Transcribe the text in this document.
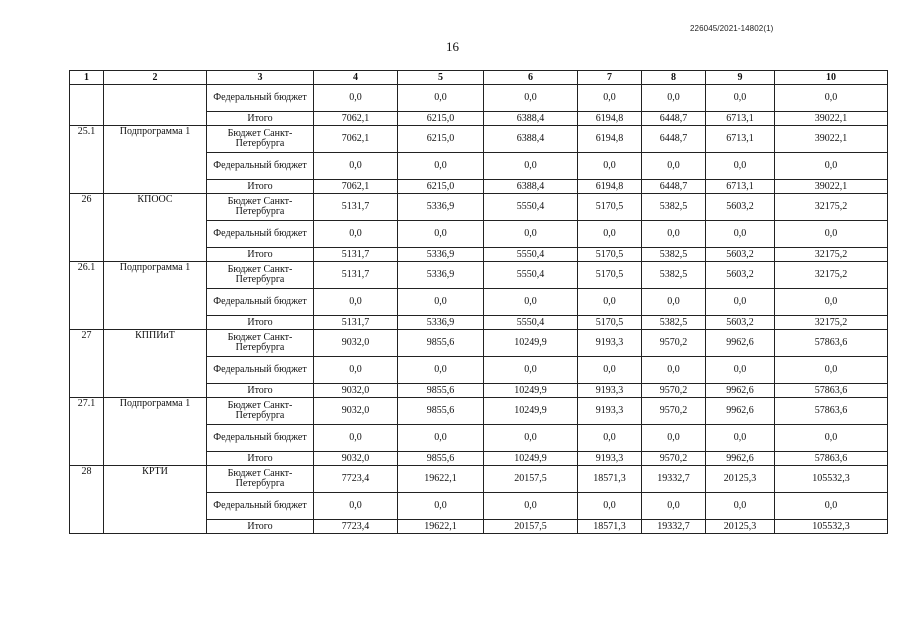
226045/2021-14802(1)
16
1	2	3	4	5	6	7	8	9	10
		Федеральный бюджет	0,0	0,0	0,0	0,0	0,0	0,0	0,0
		Итого	7062,1	6215,0	6388,4	6194,8	6448,7	6713,1	39022,1
25.1	Подпрограмма 1	Бюджет Санкт-Петербурга	7062,1	6215,0	6388,4	6194,8	6448,7	6713,1	39022,1
		Федеральный бюджет	0,0	0,0	0,0	0,0	0,0	0,0	0,0
		Итого	7062,1	6215,0	6388,4	6194,8	6448,7	6713,1	39022,1
26	КПООС	Бюджет Санкт-Петербурга	5131,7	5336,9	5550,4	5170,5	5382,5	5603,2	32175,2
		Федеральный бюджет	0,0	0,0	0,0	0,0	0,0	0,0	0,0
		Итого	5131,7	5336,9	5550,4	5170,5	5382,5	5603,2	32175,2
26.1	Подпрограмма 1	Бюджет Санкт-Петербурга	5131,7	5336,9	5550,4	5170,5	5382,5	5603,2	32175,2
		Федеральный бюджет	0,0	0,0	0,0	0,0	0,0	0,0	0,0
		Итого	5131,7	5336,9	5550,4	5170,5	5382,5	5603,2	32175,2
27	КППИиТ	Бюджет Санкт-Петербурга	9032,0	9855,6	10249,9	9193,3	9570,2	9962,6	57863,6
		Федеральный бюджет	0,0	0,0	0,0	0,0	0,0	0,0	0,0
		Итого	9032,0	9855,6	10249,9	9193,3	9570,2	9962,6	57863,6
27.1	Подпрограмма 1	Бюджет Санкт-Петербурга	9032,0	9855,6	10249,9	9193,3	9570,2	9962,6	57863,6
		Федеральный бюджет	0,0	0,0	0,0	0,0	0,0	0,0	0,0
		Итого	9032,0	9855,6	10249,9	9193,3	9570,2	9962,6	57863,6
28	КРТИ	Бюджет Санкт-Петербурга	7723,4	19622,1	20157,5	18571,3	19332,7	20125,3	105532,3
		Федеральный бюджет	0,0	0,0	0,0	0,0	0,0	0,0	0,0
		Итого	7723,4	19622,1	20157,5	18571,3	19332,7	20125,3	105532,3
